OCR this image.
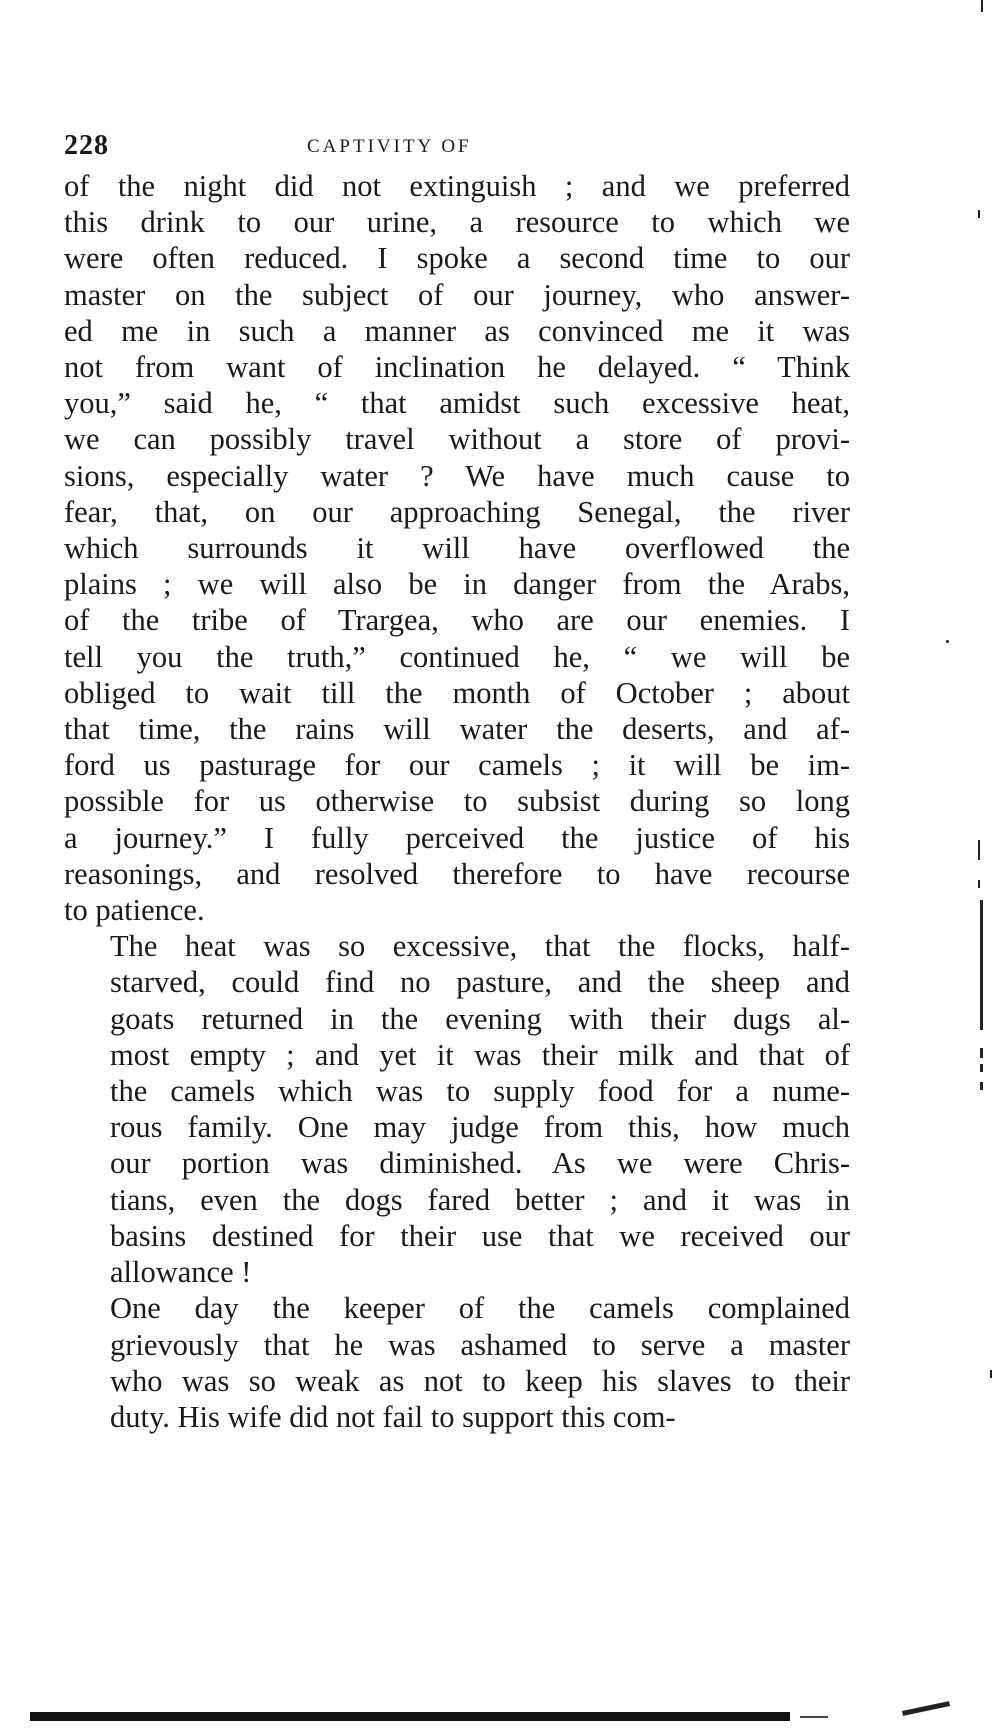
228	CAPTIVITY OF

of the night did not extinguish ; and we preferred
this drink to our urine, a resource to which we
were often reduced. I spoke a second time to our
master on the subject of our journey, who answer-
ed me in such a manner as convinced me it was
not from want of inclination he delayed. “ Think
you,” said he, “ that amidst such excessive heat,
we can possibly travel without a store of provi-
sions, especially water ? We have much cause to
fear, that, on our approaching Senegal, the river
which surrounds it will have overflowed the
plains ; we will also be in danger from the Arabs,
of the tribe of Trargea, who are our enemies. I
tell you the truth,” continued he, “ we will be
obliged to wait till the month of October ; about
that time, the rains will water the deserts, and af-
ford us pasturage for our camels ; it will be im-
possible for us otherwise to subsist during so long
a journey.” I fully perceived the justice of his
reasonings, and resolved therefore to have recourse
to patience.

The heat was so excessive, that the flocks, half-
starved, could find no pasture, and the sheep and
goats returned in the evening with their dugs al-
most empty ; and yet it was their milk and that of
the camels which was to supply food for a nume-
rous family. One may judge from this, how much
our portion was diminished. As we were Chris-
tians, even the dogs fared better ; and it was in
basins destined for their use that we received our
allowance !

One day the keeper of the camels complained
grievously that he was ashamed to serve a master
who was so weak as not to keep his slaves to their
duty. His wife did not fail to support this com-
